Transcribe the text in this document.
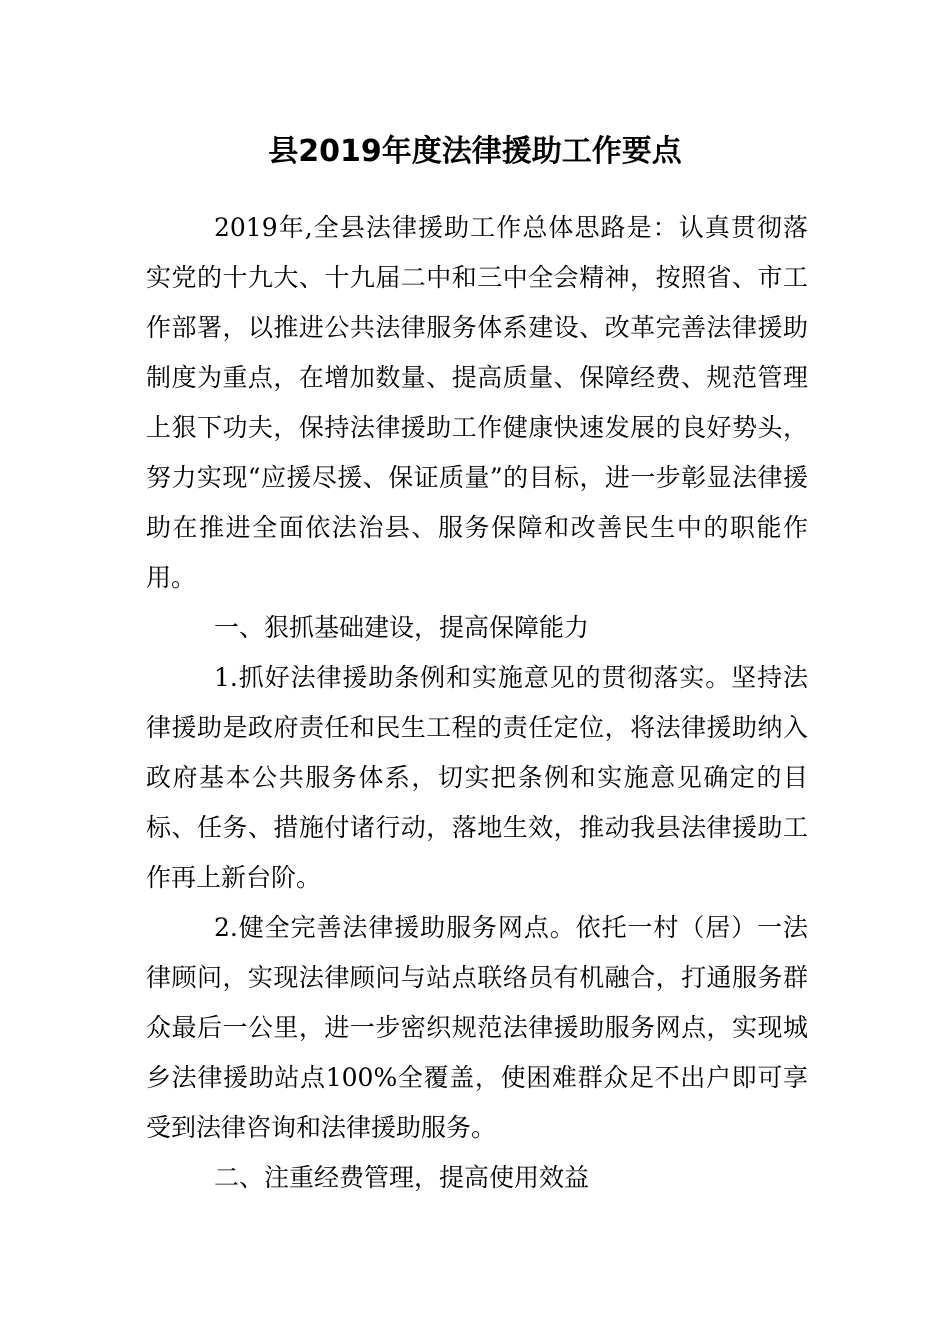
县2019年度法律援助工作要点

2019年,全县法律援助工作总体思路是：认真贯彻落实党的十九大、十九届二中和三中全会精神，按照省、市工作部署，以推进公共法律服务体系建设、改革完善法律援助制度为重点，在增加数量、提高质量、保障经费、规范管理上狠下功夫，保持法律援助工作健康快速发展的良好势头，努力实现“应援尽援、保证质量”的目标，进一步彰显法律援助在推进全面依法治县、服务保障和改善民生中的职能作用。

一、狠抓基础建设，提高保障能力

1.抓好法律援助条例和实施意见的贯彻落实。坚持法律援助是政府责任和民生工程的责任定位，将法律援助纳入政府基本公共服务体系，切实把条例和实施意见确定的目标、任务、措施付诸行动，落地生效，推动我县法律援助工作再上新台阶。

2.健全完善法律援助服务网点。依托一村（居）一法律顾问，实现法律顾问与站点联络员有机融合，打通服务群众最后一公里，进一步密织规范法律援助服务网点，实现城乡法律援助站点100%全覆盖，使困难群众足不出户即可享受到法律咨询和法律援助服务。

二、注重经费管理，提高使用效益
